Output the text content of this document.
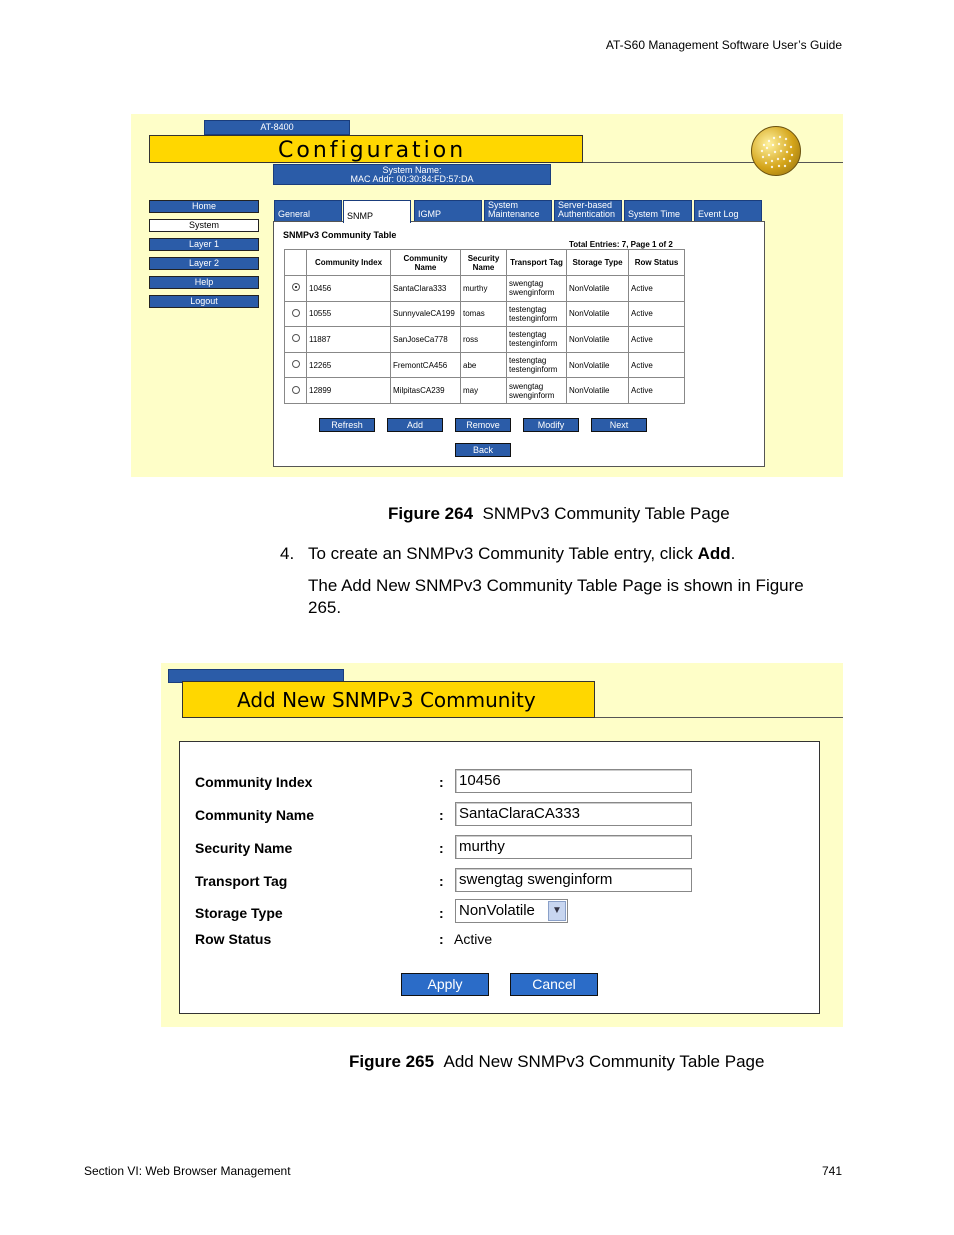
AT-S60 Management Software User’s Guide
AT-8400
Configuration
System Name:
MAC Addr: 00:30:84:FD:57:DA
Home
System
Layer 1
Layer 2
Help
Logout
General	SNMP	IGMP
System Maintenance
Server-based Authentication	System Time Event Log
SNMPv3 Community Table
Total Entries: 7, Page 1 of 2
	Community Index	Community Name	Security Name	Transport Tag	Storage Type	Row Status
	10456	SantaClara333	murthy	swengtag swenginform	NonVolatile	Active
	10555	SunnyvaleCA199	tomas	testengtag testenginform	NonVolatile	Active
	11887	SanJoseCa778	ross	testengtag testenginform	NonVolatile	Active
	12265	FremontCA456	abe	testengtag testenginform	NonVolatile	Active
	12899	MilpitasCA239	may	swengtag swenginform	NonVolatile	Active
Refresh	Add	Remove	Modify	Next
Back
Figure 264 SNMPv3 Community Table Page
4. To create an SNMPv3 Community Table entry, click Add.
The Add New SNMPv3 Community Table Page is shown in Figure 265.
Add New SNMPv3 Community
Community Index	: 10456
Community Name	: SantaClaraCA333
Security Name	: murthy
Transport Tag	: swengtag swenginform
Storage Type	: NonVolatile	▼
Row Status	: Active
Apply	Cancel
Figure 265 Add New SNMPv3 Community Table Page
Section VI: Web Browser Management	741
